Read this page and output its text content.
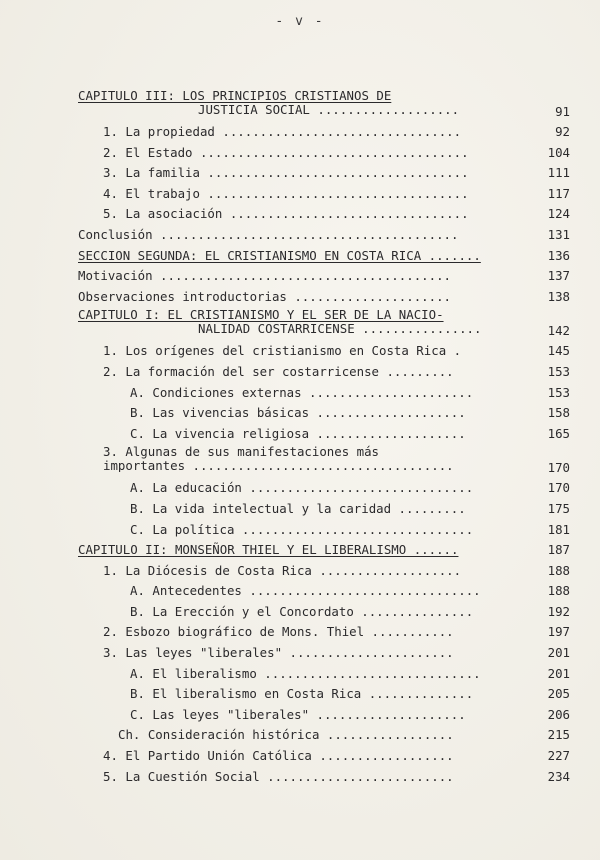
- v -
CAPITULO III: LOS PRINCIPIOS CRISTIANOS DE
JUSTICIA SOCIAL ...................	91
1. La propiedad ................................	92
2. El Estado ....................................	104
3. La familia ...................................	111
4. El trabajo ...................................	117
5. La asociación ................................	124
Conclusión ........................................	131
SECCION SEGUNDA: EL CRISTIANISMO EN COSTA RICA .......	136
Motivación .......................................	137
Observaciones introductorias .....................	138
CAPITULO I: EL CRISTIANISMO Y EL SER DE LA NACIO-
NALIDAD COSTARRICENSE ................	142
1. Los orígenes del cristianismo en Costa Rica .	145
2. La formación del ser costarricense .........	153
A. Condiciones externas ......................	153
B. Las vivencias básicas ....................	158
C. La vivencia religiosa ....................	165
3. Algunas de sus manifestaciones más
importantes ...................................	170
A. La educación ..............................	170
B. La vida intelectual y la caridad .........	175
C. La política ...............................	181
CAPITULO II: MONSEÑOR THIEL Y EL LIBERALISMO ......	187
1. La Diócesis de Costa Rica ...................	188
A. Antecedentes ...............................	188
B. La Erección y el Concordato ...............	192
2. Esbozo biográfico de Mons. Thiel ...........	197
3. Las leyes "liberales" ......................	201
A. El liberalismo .............................	201
B. El liberalismo en Costa Rica ..............	205
C. Las leyes "liberales" ....................	206
Ch. Consideración histórica .................	215
4. El Partido Unión Católica ..................	227
5. La Cuestión Social .........................	234
